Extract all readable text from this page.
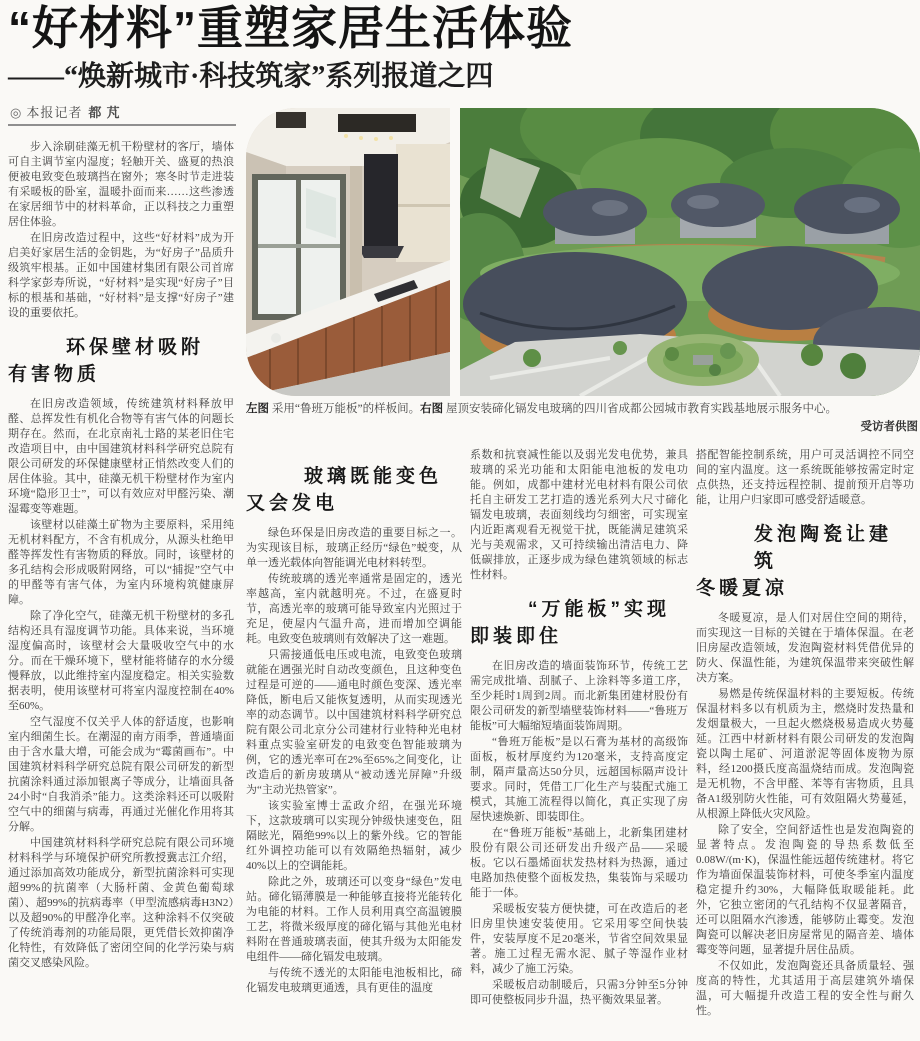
“好材料”重塑家居生活体验
——“焕新城市·科技筑家”系列报道之四
◎ 本报记者 都 芃
左图 采用“鲁班万能板”的样板间。右图 屋顶安装碲化镉发电玻璃的四川省成都公园城市教育实践基地展示服务中心。
受访者供图

步入涂刷硅藻无机干粉壁材的客厅，墙体可自主调节室内湿度；轻触开关、盛夏的热浪便被电致变色玻璃挡在窗外；寒冬时节走进装有采暖板的卧室，温暖扑面而来……这些渗透在家居细节中的材料革命，正以科技之力重塑居住体验。

在旧房改造过程中，这些“好材料”成为开启美好家居生活的金钥匙，为“好房子”品质升级筑牢根基。正如中国建材集团有限公司首席科学家彭寿所说，“好材料”是实现“好房子”目标的根基和基础，“好材料”是支撑“好房子”建设的重要依托。

环保壁材吸附
有害物质

在旧房改造领域，传统建筑材料释放甲醛、总挥发性有机化合物等有害气体的问题长期存在。然而，在北京南礼士路的某老旧住宅改造项目中，由中国建筑材料科学研究总院有限公司研发的环保健康壁材正悄然改变人们的居住体验。其中，硅藻无机干粉壁材作为室内环境“隐形卫士”，可以有效应对甲醛污染、潮湿霉变等难题。

该壁材以硅藻土矿物为主要原料，采用纯无机材料配方，不含有机成分，从源头杜绝甲醛等挥发性有害物质的释放。同时，该壁材的多孔结构会形成吸附网络，可以“捕捉”空气中的甲醛等有害气体，为室内环境构筑健康屏障。

除了净化空气，硅藻无机干粉壁材的多孔结构还具有湿度调节功能。具体来说，当环境湿度偏高时，该壁材会大量吸收空气中的水分。而在干燥环境下，壁材能将储存的水分缓慢释放，以此维持室内湿度稳定。相关实验数据表明，使用该壁材可将室内湿度控制在40%至60%。

空气湿度不仅关乎人体的舒适度，也影响室内细菌生长。在潮湿的南方雨季，普通墙面由于含水量大增，可能会成为“霉菌画布”。中国建筑材料科学研究总院有限公司研发的新型抗菌涂料通过添加银离子等成分，让墙面具备24小时“自我消杀”能力。这类涂料还可以吸附空气中的细菌与病毒，再通过光催化作用将其分解。

中国建筑材料科学研究总院有限公司环境材料科学与环境保护研究所教授冀志江介绍，通过添加高效功能成分，新型抗菌涂料可实现超99%的抗菌率（大肠杆菌、金黄色葡萄球菌）、超99%的抗病毒率（甲型流感病毒H3N2）以及超90%的甲醛净化率。这种涂料不仅突破了传统消毒剂的功能局限，更凭借长效抑菌净化特性，有效降低了密闭空间的化学污染与病菌交叉感染风险。

玻璃既能变色
又会发电

绿色环保是旧房改造的重要目标之一。为实现该目标，玻璃正经历“绿色”蜕变，从单一透光载体向智能调光电材料转型。

传统玻璃的透光率通常是固定的，透光率越高，室内就越明亮。不过，在盛夏时节，高透光率的玻璃可能导致室内光照过于充足，使屋内气温升高，进而增加空调能耗。电致变色玻璃则有效解决了这一难题。

只需接通低电压或电流，电致变色玻璃就能在遇强光时自动改变颜色，且这种变色过程是可逆的——通电时颜色变深、透光率降低，断电后又能恢复透明，从而实现透光率的动态调节。以中国建筑材料科学研究总院有限公司北京分公司建材行业特种光电材料重点实验室研发的电致变色智能玻璃为例，它的透光率可在2%至65%之间变化，让改造后的新房玻璃从“被动透光屏障”升级为“主动光热管家”。

该实验室博士孟政介绍，在强光环境下，这款玻璃可以实现分钟级快速变色，阻隔眩光，隔绝99%以上的紫外线。它的智能红外调控功能可以有效隔绝热辐射，减少40%以上的空调能耗。

除此之外，玻璃还可以变身“绿色”发电站。碲化镉薄膜是一种能够直接将光能转化为电能的材料。工作人员利用真空高温镀膜工艺，将微米级厚度的碲化镉与其他光电材料附在普通玻璃表面，使其升级为太阳能发电组件——碲化镉发电玻璃。

与传统不透光的太阳能电池板相比，碲化镉发电玻璃更通透，具有更佳的温度

系数和抗衰减性能以及弱光发电优势，兼具玻璃的采光功能和太阳能电池板的发电功能。例如，成都中建材光电材料有限公司依托自主研发工艺打造的透光系列大尺寸碲化镉发电玻璃，表面刻线均匀细密，可实现室内近距离观看无视觉干扰，既能满足建筑采光与美观需求，又可持续输出清洁电力、降低碳排放，正逐步成为绿色建筑领域的标志性材料。

“万能板”实现
即装即住

在旧房改造的墙面装饰环节，传统工艺需完成批墙、刮腻子、上涂料等多道工序，至少耗时1周到2周。而北新集团建材股份有限公司研发的新型墙壁装饰材料——“鲁班万能板”可大幅缩短墙面装饰周期。

“鲁班万能板”是以石膏为基材的高级饰面板，板材厚度约为120毫米，支持高度定制，隔声量高达50分贝，远超国标隔声设计要求。同时，凭借工厂化生产与装配式施工模式，其施工流程得以简化，真正实现了房屋快速焕新、即装即住。

在“鲁班万能板”基础上，北新集团建材股份有限公司还研发出升级产品——采暖板。它以石墨烯面状发热材料为热源，通过电路加热使整个面板发热，集装饰与采暖功能于一体。

采暖板安装方便快捷，可在改造后的老旧房里快速安装使用。它采用零空间快装件，安装厚度不足20毫米，节省空间效果显著。施工过程无需水泥、腻子等湿作业材料，减少了施工污染。

采暖板启动制暖后，只需3分钟至5分钟即可使整板同步升温，热平衡效果显著。

搭配智能控制系统，用户可灵活调控不同空间的室内温度。这一系统既能够按需定时定点供热，还支持远程控制、提前预开启等功能，让用户归家即可感受舒适暖意。

发泡陶瓷让建筑
冬暖夏凉

冬暖夏凉，是人们对居住空间的期待，而实现这一目标的关键在于墙体保温。在老旧房屋改造领域，发泡陶瓷材料凭借优异的防火、保温性能，为建筑保温带来突破性解决方案。

易燃是传统保温材料的主要短板。传统保温材料多以有机质为主，燃烧时发热量和发烟量极大，一旦起火燃烧极易造成火势蔓延。江西中材新材料有限公司研发的发泡陶瓷以陶土尾矿、河道淤泥等固体废物为原料，经1200摄氏度高温烧结而成。发泡陶瓷是无机物，不含甲醛、苯等有害物质，且具备A1级别防火性能，可有效阻隔火势蔓延，从根源上降低火灾风险。

除了安全，空间舒适性也是发泡陶瓷的显著特点。发泡陶瓷的导热系数低至0.08W/(m·K)，保温性能远超传统建材。将它作为墙面保温装饰材料，可使冬季室内温度稳定提升约30%，大幅降低取暖能耗。此外，它独立密闭的气孔结构不仅显著隔音，还可以阻隔水汽渗透，能够防止霉变。发泡陶瓷可以解决老旧房屋常见的隔音差、墙体霉变等问题，显著提升居住品质。

不仅如此，发泡陶瓷还具备质量轻、强度高的特性，尤其适用于高层建筑外墙保温，可大幅提升改造工程的安全性与耐久性。
